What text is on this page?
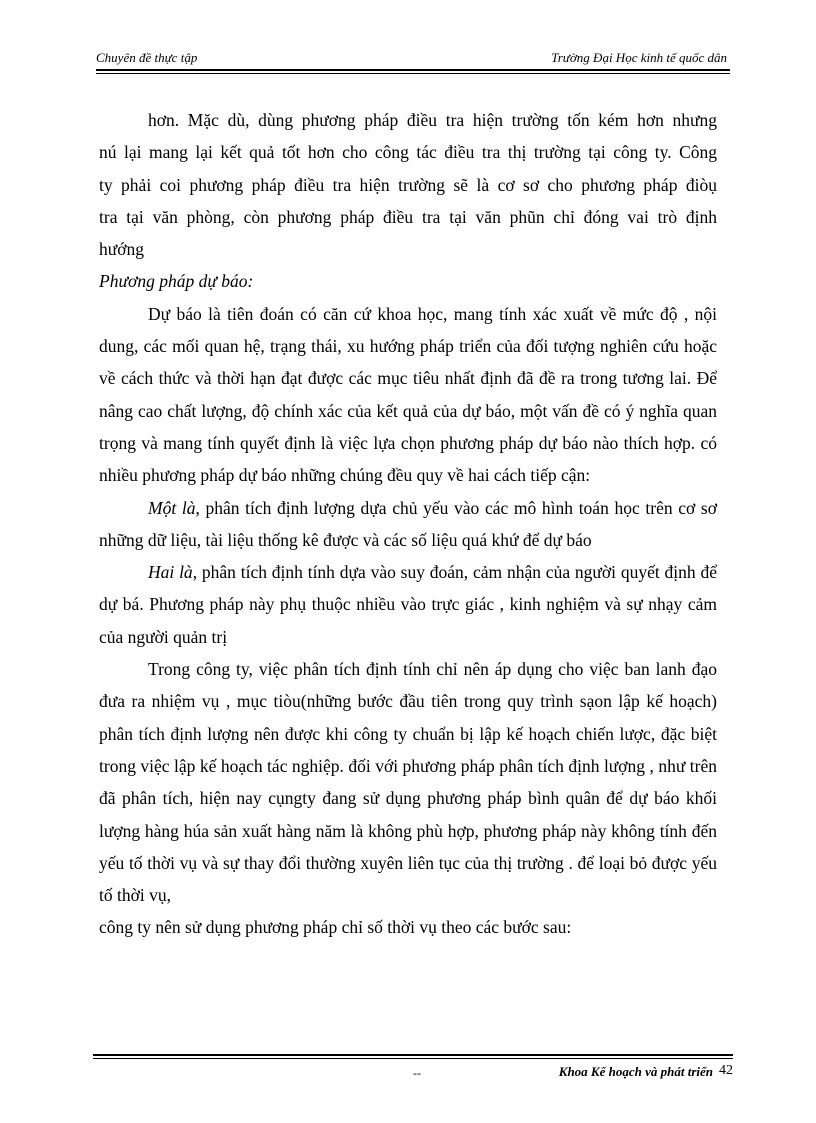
Chuyên đề thực tập	Trường Đại Học kinh tế quốc dân

hơn. Mặc dù, dùng phương pháp điều tra hiện trường tốn kém hơn nhưng

nú lại mang lại kết quả tốt hơn cho công tác điều tra thị trường tại công ty. Công

ty phải coi phương pháp điều tra hiện trường sẽ là cơ sơ cho phương pháp điòụ

tra tại văn phòng, còn phương pháp điều tra tại văn phũn chỉ đóng vai trò định

hướng

Phương pháp dự báo:

Dự báo là tiên đoán có căn cứ khoa học, mang tính xác xuất về mức độ , nội dung, các mối quan hệ, trạng thái, xu hướng pháp triển của đối tượng nghiên cứu hoặc về cách thức và thời hạn đạt được các mục tiêu nhất định đã đề ra trong tương lai. Để nâng cao chất lượng, độ chính xác của kết quả của dự báo, một vấn đề có ý nghĩa quan trọng và mang tính quyết định là việc lựa chọn phương pháp dự báo nào thích hợp. có nhiều phương pháp dự báo những chúng đều quy về hai cách tiếp cận:

Một là, phân tích định lượng dựa chủ yếu vào các mô hình toán học trên cơ sơ những dữ liệu, tài liệu thống kê được và các số liệu quá khứ để dự báo

Hai là, phân tích định tính dựa vào suy đoán, cảm nhận của người quyết định để dự bá. Phương pháp này phụ thuộc nhiều vào trực giác , kinh nghiệm và sự nhạy cảm của người quản trị

Trong công ty, việc phân tích định tính chỉ nên áp dụng cho việc ban lanh đạo đưa ra nhiệm vụ , mục tiòu(những bước đầu tiên trong quy trình sạon lập kế hoạch) phân tích định lượng nên được khi công ty chuẩn bị lập kế hoạch chiến lược, đặc biệt trong việc lập kế hoạch tác nghiệp. đối với phương pháp phân tích định lượng , như trên đã phân tích, hiện nay cụngty đang sử dụng phương pháp bình quân để dự báo khối lượng hàng húa sản xuất hàng năm là không phù hợp, phương pháp này không tính đến yếu tố thời vụ và sự thay đổi thường xuyên liên tục của thị trường . để loại bỏ được yếu tố thời vụ,

công ty nên sử dụng phương pháp chỉ số thời vụ theo các bước sau:

--	Khoa Kế hoạch và phát triển 42
